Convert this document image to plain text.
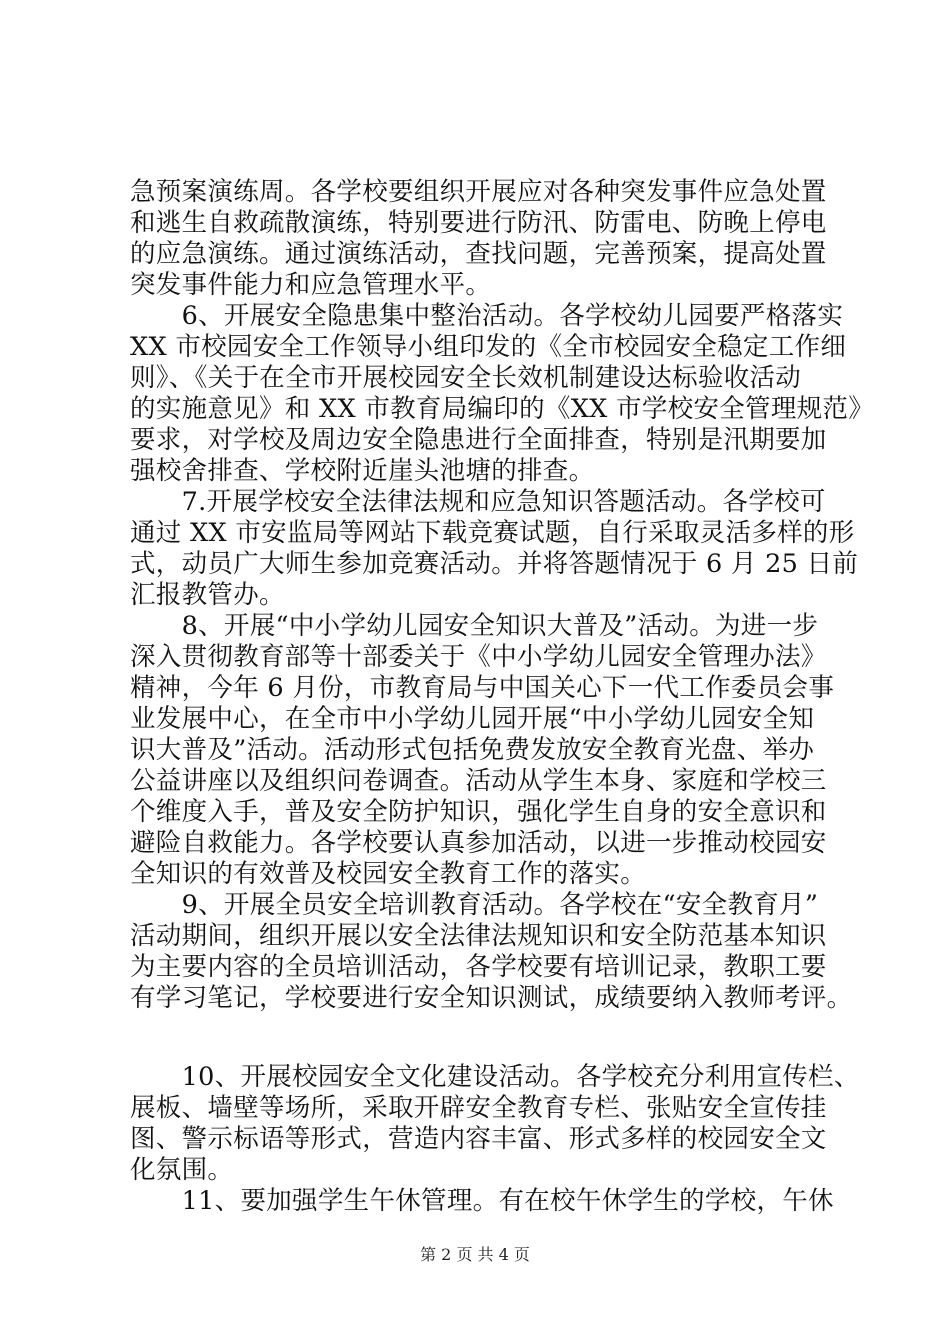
急预案演练周。各学校要组织开展应对各种突发事件应急处置
和逃生自救疏散演练，特别要进行防汛、防雷电、防晚上停电
的应急演练。通过演练活动，查找问题，完善预案，提高处置
突发事件能力和应急管理水平。
　　6、开展安全隐患集中整治活动。各学校幼儿园要严格落实
XX 市校园安全工作领导小组印发的《全市校园安全稳定工作细
则》、《关于在全市开展校园安全长效机制建设达标验收活动
的实施意见》和 XX 市教育局编印的《XX 市学校安全管理规范》
要求，对学校及周边安全隐患进行全面排查，特别是汛期要加
强校舍排查、学校附近崖头池塘的排查。
　　7.开展学校安全法律法规和应急知识答题活动。各学校可
通过 XX 市安监局等网站下载竞赛试题，自行采取灵活多样的形
式，动员广大师生参加竞赛活动。并将答题情况于 6 月 25 日前
汇报教管办。
　　8、开展“中小学幼儿园安全知识大普及”活动。为进一步
深入贯彻教育部等十部委关于《中小学幼儿园安全管理办法》
精神，今年 6 月份，市教育局与中国关心下一代工作委员会事
业发展中心，在全市中小学幼儿园开展“中小学幼儿园安全知
识大普及”活动。活动形式包括免费发放安全教育光盘、举办
公益讲座以及组织问卷调查。活动从学生本身、家庭和学校三
个维度入手，普及安全防护知识，强化学生自身的安全意识和
避险自救能力。各学校要认真参加活动，以进一步推动校园安
全知识的有效普及校园安全教育工作的落实。
　　9、开展全员安全培训教育活动。各学校在“安全教育月”
活动期间，组织开展以安全法律法规知识和安全防范基本知识
为主要内容的全员培训活动，各学校要有培训记录，教职工要
有学习笔记，学校要进行安全知识测试，成绩要纳入教师考评。
　　10、开展校园安全文化建设活动。各学校充分利用宣传栏、
展板、墙壁等场所，采取开辟安全教育专栏、张贴安全宣传挂
图、警示标语等形式，营造内容丰富、形式多样的校园安全文
化氛围。
　　11、要加强学生午休管理。有在校午休学生的学校，午休
第 2 页 共 4 页
